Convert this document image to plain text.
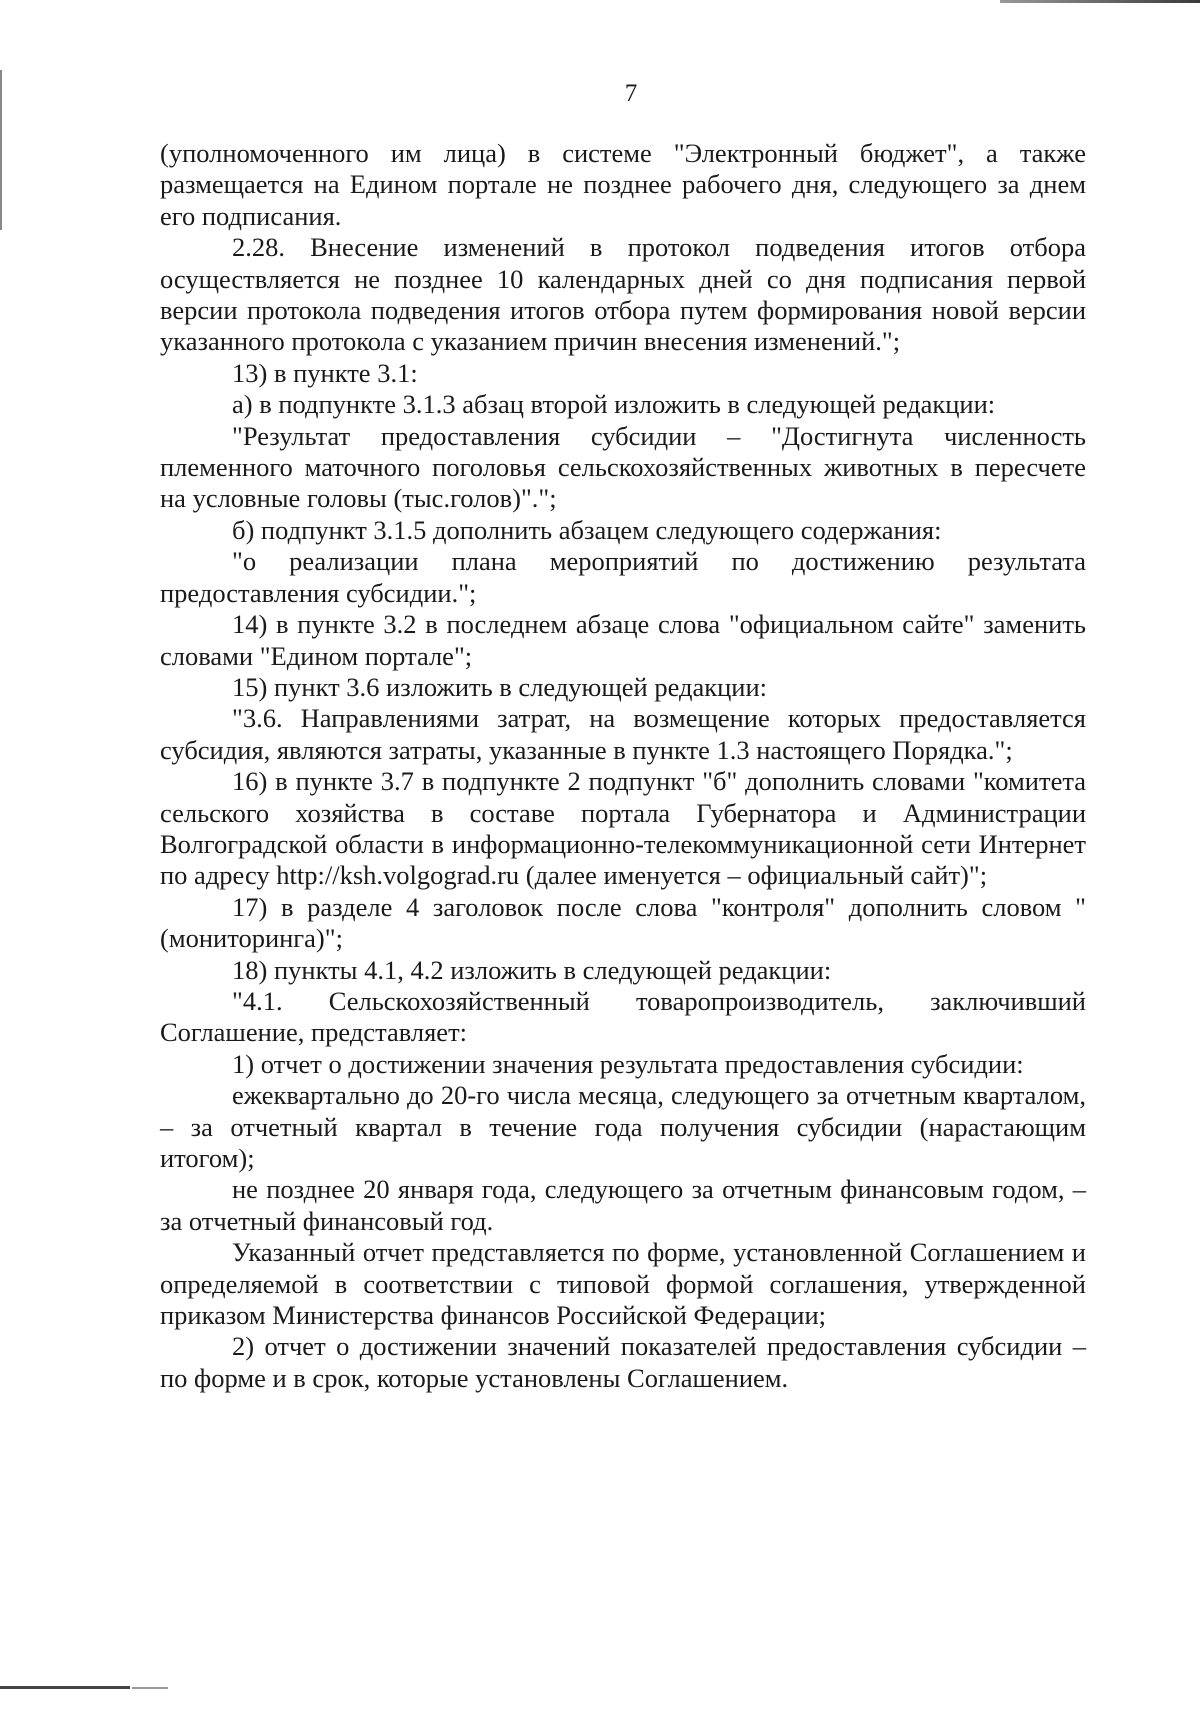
7

(уполномоченного им лица) в системе "Электронный бюджет", а также размещается на Едином портале не позднее рабочего дня, следующего за днем его подписания.

2.28. Внесение изменений в протокол подведения итогов отбора осуществляется не позднее 10 календарных дней со дня подписания первой версии протокола подведения итогов отбора путем формирования новой версии указанного протокола с указанием причин внесения изменений.";

13) в пункте 3.1:

а) в подпункте 3.1.3 абзац второй изложить в следующей редакции:

"Результат предоставления субсидии – "Достигнута численность племенного маточного поголовья сельскохозяйственных животных в пересчете на условные головы (тыс.голов)".";

б) подпункт 3.1.5 дополнить абзацем следующего содержания:

"о реализации плана мероприятий по достижению результата предоставления субсидии.";

14) в пункте 3.2 в последнем абзаце слова "официальном сайте" заменить словами "Едином портале";

15) пункт 3.6 изложить в следующей редакции:

"3.6. Направлениями затрат, на возмещение которых предоставляется субсидия, являются затраты, указанные в пункте 1.3 настоящего Порядка.";

16) в пункте 3.7 в подпункте 2 подпункт "б" дополнить словами "комитета сельского хозяйства в составе портала Губернатора и Администрации Волгоградской области в информационно-телекоммуникационной сети Интернет по адресу http://ksh.volgograd.ru (далее именуется – официальный сайт)";

17) в разделе 4 заголовок после слова "контроля" дополнить словом "(мониторинга)";

18) пункты 4.1, 4.2 изложить в следующей редакции:

"4.1. Сельскохозяйственный товаропроизводитель, заключивший Соглашение, представляет:

1) отчет о достижении значения результата предоставления субсидии:

ежеквартально до 20-го числа месяца, следующего за отчетным кварталом, – за отчетный квартал в течение года получения субсидии (нарастающим итогом);

не позднее 20 января года, следующего за отчетным финансовым годом, – за отчетный финансовый год.

Указанный отчет представляется по форме, установленной Соглашением и определяемой в соответствии с типовой формой соглашения, утвержденной приказом Министерства финансов Российской Федерации;

2) отчет о достижении значений показателей предоставления субсидии – по форме и в срок, которые установлены Соглашением.
